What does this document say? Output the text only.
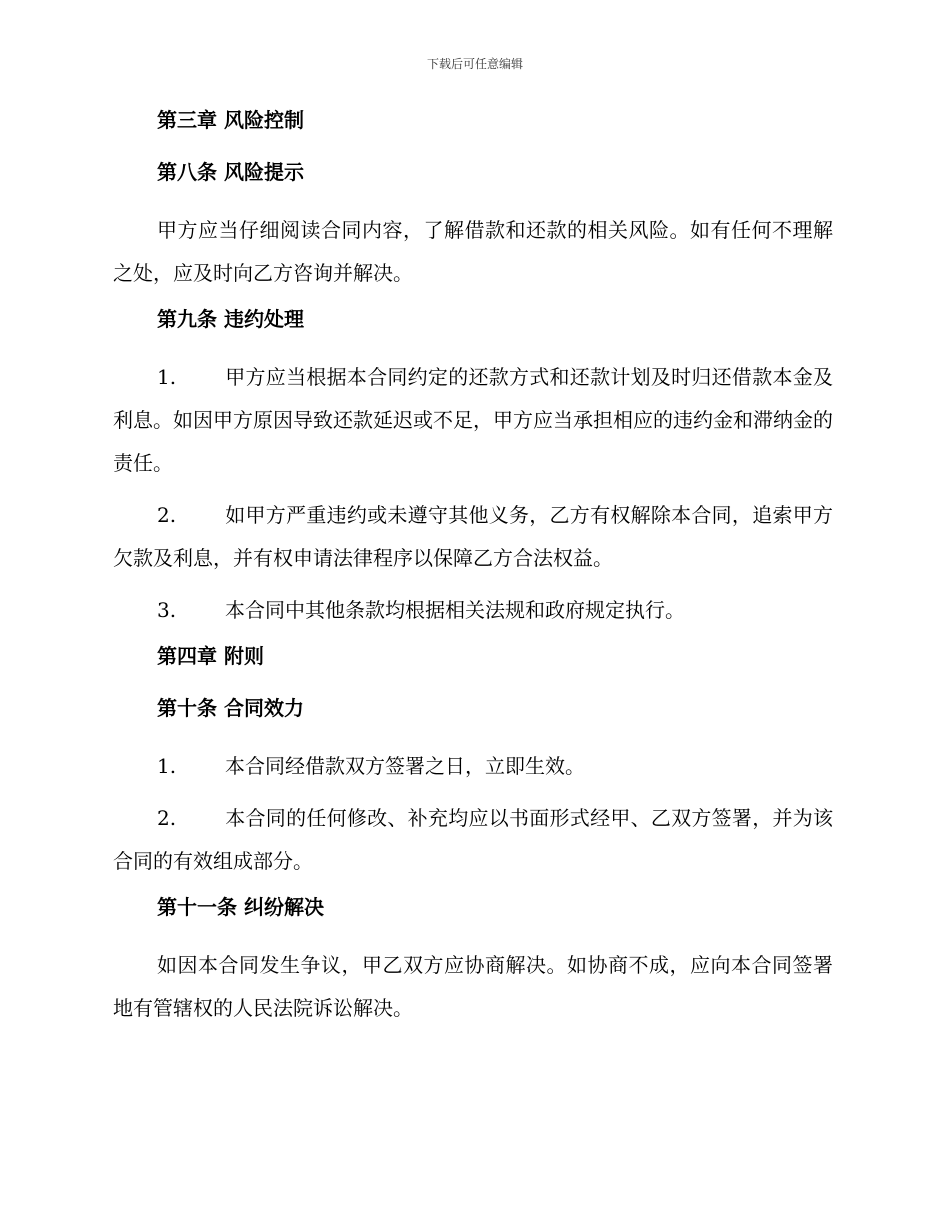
下载后可任意编辑
第三章 风险控制
第八条 风险提示

甲方应当仔细阅读合同内容，了解借款和还款的相关风险。如有任何不理解之处，应及时向乙方咨询并解决。

第九条 违约处理

1. 甲方应当根据本合同约定的还款方式和还款计划及时归还借款本金及利息。如因甲方原因导致还款延迟或不足，甲方应当承担相应的违约金和滞纳金的责任。

2. 如甲方严重违约或未遵守其他义务，乙方有权解除本合同，追索甲方欠款及利息，并有权申请法律程序以保障乙方合法权益。

3. 本合同中其他条款均根据相关法规和政府规定执行。

第四章 附则
第十条 合同效力

1. 本合同经借款双方签署之日，立即生效。

2. 本合同的任何修改、补充均应以书面形式经甲、乙双方签署，并为该合同的有效组成部分。

第十一条 纠纷解决

如因本合同发生争议，甲乙双方应协商解决。如协商不成，应向本合同签署地有管辖权的人民法院诉讼解决。
